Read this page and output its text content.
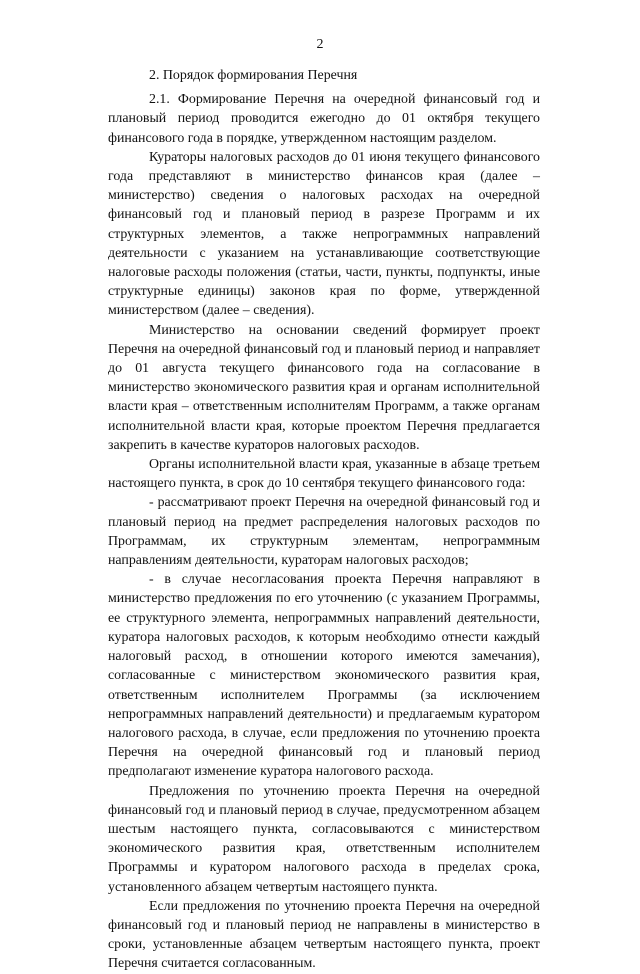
2

2. Порядок формирования Перечня

2.1. Формирование Перечня на очередной финансовый год и плановый период проводится ежегодно до 01 октября текущего финансового года в порядке, утвержденном настоящим разделом.

Кураторы налоговых расходов до 01 июня текущего финансового года представляют в министерство финансов края (далее – министерство) сведения о налоговых расходах на очередной финансовый год и плановый период в разрезе Программ и их структурных элементов, а также непрограммных направлений деятельности с указанием на устанавливающие соответствующие налоговые расходы положения (статьи, части, пункты, подпункты, иные структурные единицы) законов края по форме, утвержденной министерством (далее – сведения).

Министерство на основании сведений формирует проект Перечня на очередной финансовый год и плановый период и направляет до 01 августа текущего финансового года на согласование в министерство экономического развития края и органам исполнительной власти края – ответственным исполнителям Программ, а также органам исполнительной власти края, которые проектом Перечня предлагается закрепить в качестве кураторов налоговых расходов.

Органы исполнительной власти края, указанные в абзаце третьем настоящего пункта, в срок до 10 сентября текущего финансового года:

- рассматривают проект Перечня на очередной финансовый год и плановый период на предмет распределения налоговых расходов по Программам, их структурным элементам, непрограммным направлениям деятельности, кураторам налоговых расходов;

- в случае несогласования проекта Перечня направляют в министерство предложения по его уточнению (с указанием Программы, ее структурного элемента, непрограммных направлений деятельности, куратора налоговых расходов, к которым необходимо отнести каждый налоговый расход, в отношении которого имеются замечания), согласованные с министерством экономического развития края, ответственным исполнителем Программы (за исключением непрограммных направлений деятельности) и предлагаемым куратором налогового расхода, в случае, если предложения по уточнению проекта Перечня на очередной финансовый год и плановый период предполагают изменение куратора налогового расхода.

Предложения по уточнению проекта Перечня на очередной финансовый год и плановый период в случае, предусмотренном абзацем шестым настоящего пункта, согласовываются с министерством экономического развития края, ответственным исполнителем Программы и куратором налогового расхода в пределах срока, установленного абзацем четвертым настоящего пункта.

Если предложения по уточнению проекта Перечня на очередной финансовый год и плановый период не направлены в министерство в сроки, установленные абзацем четвертым настоящего пункта, проект Перечня считается согласованным.
